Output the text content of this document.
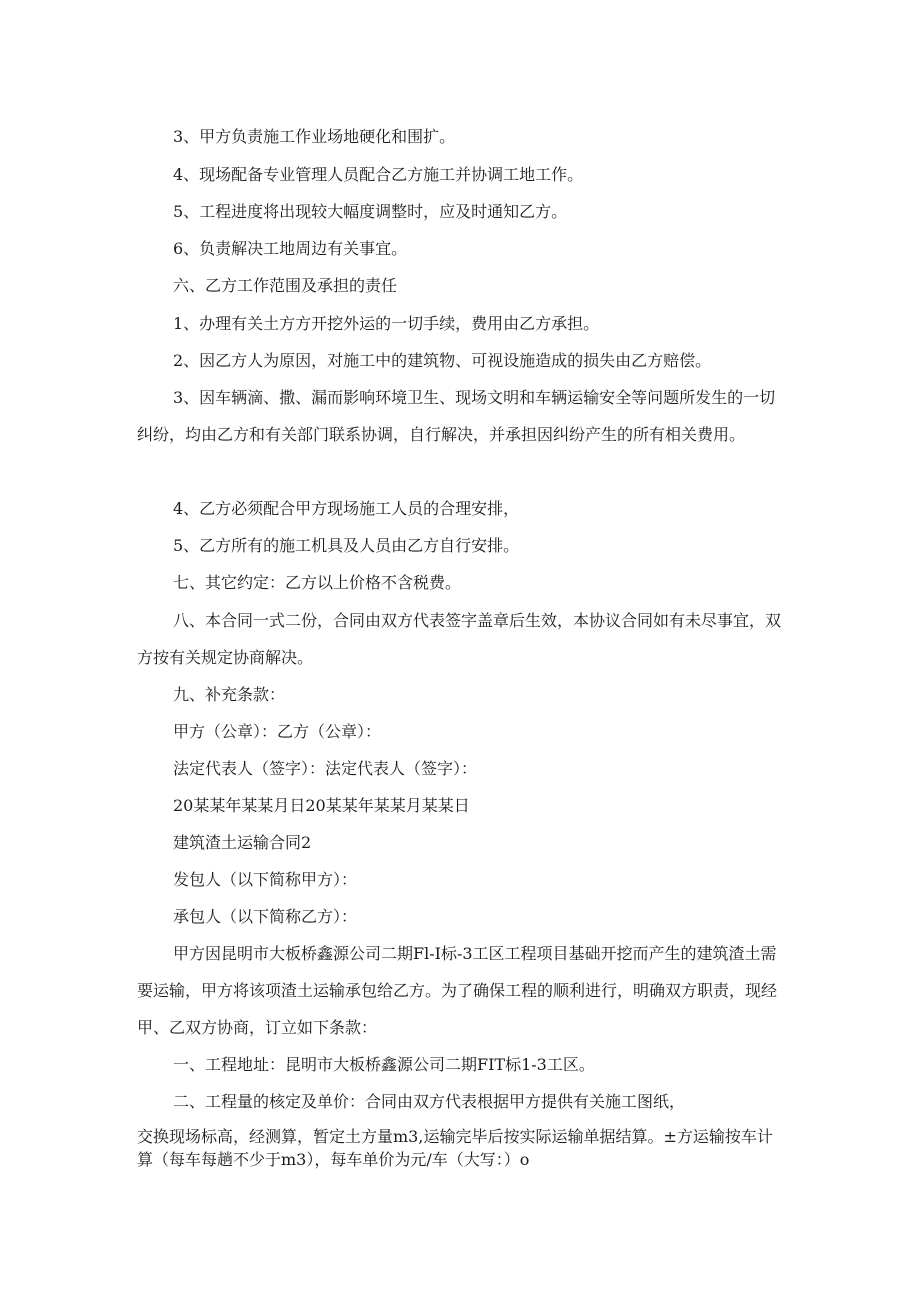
3、甲方负责施工作业场地硬化和围扩。

4、现场配备专业管理人员配合乙方施工并协调工地工作。

5、工程进度将出现较大幅度调整时，应及时通知乙方。

6、负责解决工地周边有关事宜。

六、乙方工作范围及承担的责任

1、办理有关土方方开挖外运的一切手续，费用由乙方承担。

2、因乙方人为原因，对施工中的建筑物、可视设施造成的损失由乙方赔偿。

3、因车辆滴、撒、漏而影响环境卫生、现场文明和车辆运输安全等问题所发生的一切纠纷，均由乙方和有关部门联系协调，自行解决，并承担因纠纷产生的所有相关费用。

4、乙方必须配合甲方现场施工人员的合理安排，

5、乙方所有的施工机具及人员由乙方自行安排。

七、其它约定：乙方以上价格不含税费。

八、本合同一式二份，合同由双方代表签字盖章后生效，本协议合同如有未尽事宜，双方按有关规定协商解决。

九、补充条款：

甲方（公章）：乙方（公章）：

法定代表人（签字）：法定代表人（签字）：

20某某年某某月日20某某年某某月某某日

建筑渣土运输合同2

发包人（以下简称甲方）：

承包人（以下简称乙方）：

甲方因昆明市大板桥鑫源公司二期Fl-I标-3工区工程项目基础开挖而产生的建筑渣土需要运输，甲方将该项渣土运输承包给乙方。为了确保工程的顺利进行，明确双方职责，现经甲、乙双方协商，订立如下条款：

一、工程地址：昆明市大板桥鑫源公司二期FIT标1-3工区。

二、工程量的核定及单价：合同由双方代表根据甲方提供有关施工图纸，

交换现场标高，经测算，暂定土方量m3,运输完毕后按实际运输单据结算。±方运输按车计算（每车每趟不少于m3），每车单价为元/车（大写：）o
